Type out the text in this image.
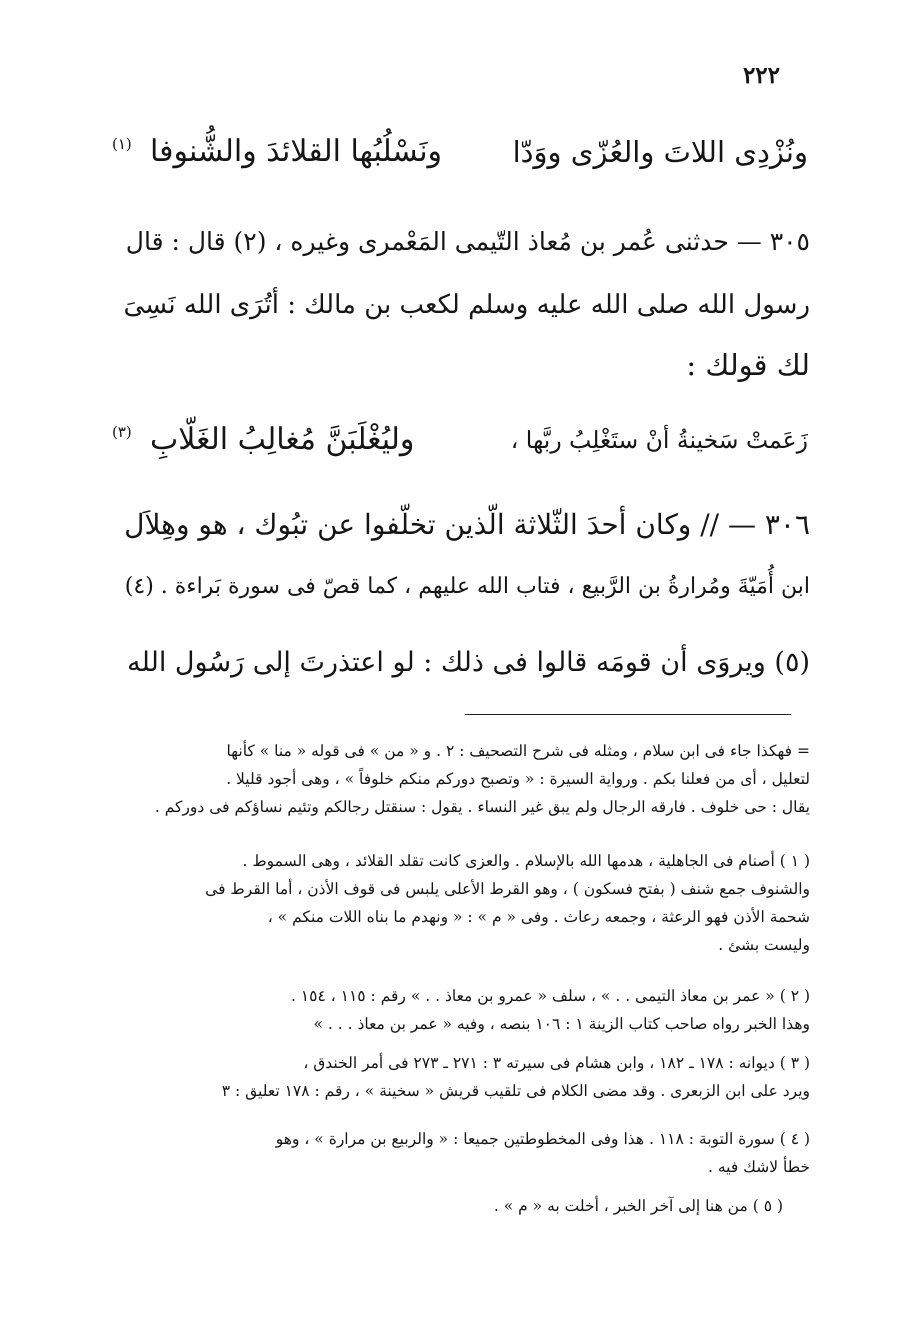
٢٢٢
ونُزْدِى اللاتَ والعُزّى ووَدّا
ونَسْلُبُها القلائدَ والشُّنوفا
(١)
٣٠٥ — حدثنى عُمر بن مُعاذ التّيمى المَعْمرى وغيره ، (٢) قال : قال
رسول الله صلى الله عليه وسلم لكعب بن مالك : أتُرَى الله نَسِىَ
لك قولك :
زَعَمتْ سَخينةُ أنْ ستَغْلِبُ ربَّها ،
وليُغْلَبَنَّ مُغالِبُ الغَلّابِ
(٣)
٣٠٦ — // وكان أحدَ الثّلاثة الّذين تخلّفوا عن تبُوك ، هو وهِلاَل
ابن أُمَيّةَ ومُرارةُ بن الرَّبيع ، فتاب الله عليهم ، كما قصّ فى سورة بَراءة . (٤)
(٥) ويروَى أن قومَه قالوا فى ذلك : لو اعتذرتَ إلى رَسُول الله
= فهكذا جاء فى ابن سلام ، ومثله فى شرح التصحيف : ٢ . و « من » فى قوله « منا » كأنها
لتعليل ، أى من فعلنا بكم . ورواية السيرة : « وتصبح دوركم منكم خلوفاً » ، وهى أجود قليلا .
يقال : حى خلوف . فارقه الرجال ولم يبق غير النساء . يقول : سنقتل رجالكم وتئيم نساؤكم فى دوركم .
( ١ ) أصنام فى الجاهلية ، هدمها الله بالإسلام . والعزى كانت تقلد القلائد ، وهى السموط .
والشنوف جمع شنف ( بفتح فسكون ) ، وهو القرط الأعلى يلبس فى قوف الأذن ، أما القرط فى
شحمة الأذن فهو الرعثة ، وجمعه رعاث . وفى « م » : « ونهدم ما بناه اللات منكم » ،
وليست بشئ .
( ٢ ) « عمر بن معاذ التيمى . . » ، سلف « عمرو بن معاذ . . » رقم : ١١٥ ، ١٥٤ .
وهذا الخبر رواه صاحب كتاب الزينة ١ : ١٠٦ بنصه ، وفيه « عمر بن معاذ . . . »
( ٣ ) ديوانه : ١٧٨ ـ ١٨٢ ، وابن هشام فى سيرته ٣ : ٢٧١ ـ ٢٧٣ فى أمر الخندق ،
ويرد على ابن الزبعرى . وقد مضى الكلام فى تلقيب قريش « سخينة » ، رقم : ١٧٨ تعليق : ٣
( ٤ ) سورة التوبة : ١١٨ . هذا وفى المخطوطتين جميعا : « والربيع بن مرارة » ، وهو
خطأ لاشك فيه .
( ٥ ) من هنا إلى آخر الخبر ، أخلت به « م » .
